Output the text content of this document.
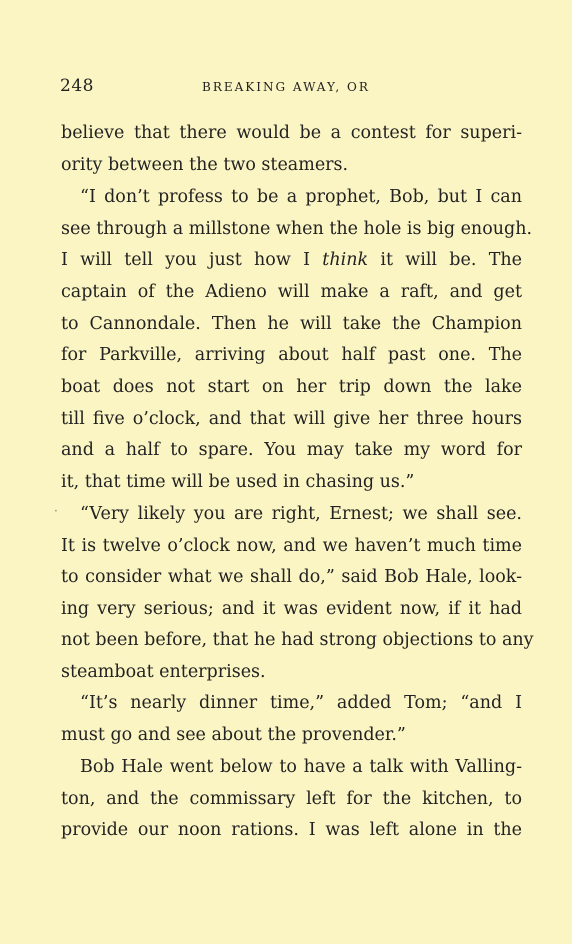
248	BREAKING AWAY, OR
‧
believe that there would be a contest for superi-
ority between the two steamers.
“I don’t profess to be a prophet, Bob, but I can
see through a millstone when the hole is big enough.
I will tell you just how I think it will be. The
captain of the Adieno will make a raft, and get
to Cannondale. Then he will take the Champion
for Parkville, arriving about half past one. The
boat does not start on her trip down the lake
till five o’clock, and that will give her three hours
and a half to spare. You may take my word for
it, that time will be used in chasing us.”
“Very likely you are right, Ernest; we shall see.
It is twelve o’clock now, and we haven’t much time
to consider what we shall do,” said Bob Hale, look-
ing very serious; and it was evident now, if it had
not been before, that he had strong objections to any
steamboat enterprises.
“It’s nearly dinner time,” added Tom; “and I
must go and see about the provender.”
Bob Hale went below to have a talk with Valling-
ton, and the commissary left for the kitchen, to
provide our noon rations. I was left alone in the
